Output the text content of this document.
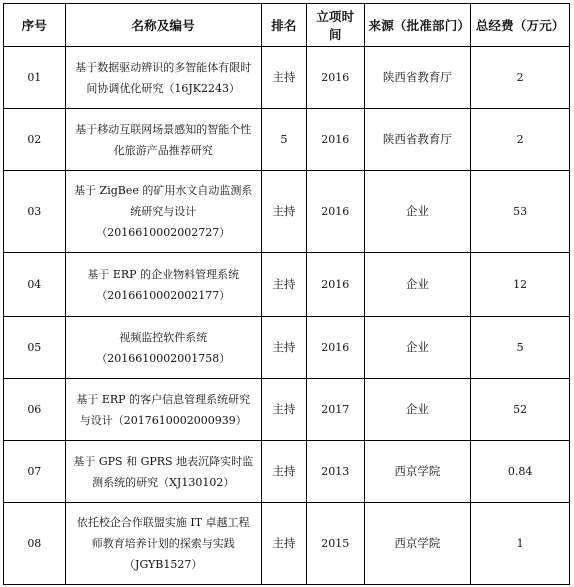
序号	名称及编号	排名	立项时间	来源（批准部门）	总经费（万元）
01	基于数据驱动辨识的多智能体有限时间协调优化研究（16JK2243）	主持	2016	陕西省教育厅	2
02	基于移动互联网场景感知的智能个性化旅游产品推荐研究	5	2016	陕西省教育厅	2
03	基于 ZigBee 的矿用水文自动监测系统研究与设计（2016610002002727）	主持	2016	企业	53
04	基于 ERP 的企业物料管理系统（2016610002002177）	主持	2016	企业	12
05	视频监控软件系统（2016610002001758）	主持	2016	企业	5
06	基于 ERP 的客户信息管理系统研究与设计（2017610002000939）	主持	2017	企业	52
07	基于 GPS 和 GPRS 地表沉降实时监测系统的研究（XJ130102）	主持	2013	西京学院	0.84
08	依托校企合作联盟实施 IT 卓越工程师教育培养计划的探索与实践（JGYB1527）	主持	2015	西京学院	1
